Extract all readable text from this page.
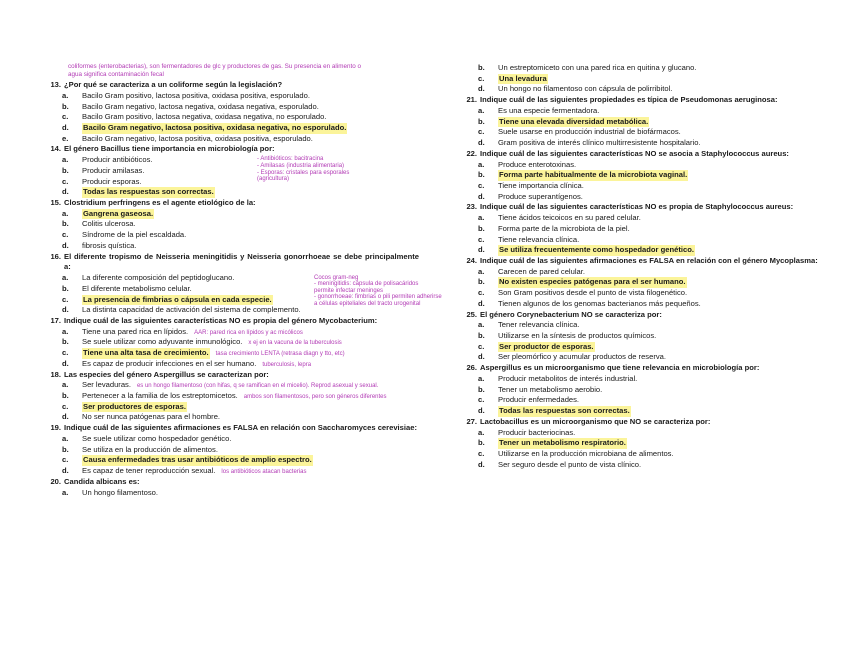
coliformes (enterobacterias), son fermentadores de glc y productores de gas. Su presencia en alimento o agua significa contaminación fecal
13. ¿Por qué se caracteriza a un coliforme según la legislación?
a.	Bacilo Gram positivo, lactosa positiva, oxidasa positiva, esporulado.
b.	Bacilo Gram negativo, lactosa negativa, oxidasa negativa, esporulado.
c.	Bacilo Gram positivo, lactosa negativa, oxidasa negativa, no esporulado.
d.	Bacilo Gram negativo, lactosa positiva, oxidasa negativa, no esporulado.
e.	Bacilo Gram negativo, lactosa positiva, oxidasa positiva, esporulado.
14. El género Bacillus tiene importancia en microbiología por:
a.	Producir antibióticos.
b.	Producir amilasas.
c.	Producir esporas.
d.	Todas las respuestas son correctas.
- Antibióticos: bacitracina
- Amilasas (industria alimentaria)
- Esporas: cristales para esporales
(agricultura)
15. Clostridium perfringens es el agente etiológico de la:
a.	Gangrena gaseosa.
b.	Colitis ulcerosa.
c.	Síndrome de la piel escaldada.
d.	fibrosis quística.
16. El diferente tropismo de Neisseria meningitidis y Neisseria gonorrhoeae se debe principalmente a:
a.	La diferente composición del peptidoglucano.
b.	El diferente metabolismo celular.
c.	La presencia de fimbrias o cápsula en cada especie.
d.	La distinta capacidad de activación del sistema de complemento.
Cocos gram-neg
- meningitidis: cápsula de polisacáridos
permite infectar meninges
- gonorrhoeae: fimbrias o pili permiten adherirse
a células epiteliales del tracto urogenital
17. Indique cuál de las siguientes características NO es propia del género Mycobacterium:
a.	Tiene una pared rica en lípidos. AAR: pared rica en lípidos y ac micólicos
b.	Se suele utilizar como adyuvante inmunológico. x ej en la vacuna de la tuberculosis
c.	Tiene una alta tasa de crecimiento. tasa crecimiento LENTA (retrasa diagn y tto, etc)
d.	Es capaz de producir infecciones en el ser humano. tuberculosis, lepra
18. Las especies del género Aspergillus se caracterizan por:
a.	Ser levaduras. es un hongo filamentoso (con hifas, q se ramifican en el micelio). Reprod asexual y sexual.
b.	Pertenecer a la familia de los estreptomicetos. ambos son filamentosos, pero son géneros diferentes
c.	Ser productores de esporas.
d.	No ser nunca patógenas para el hombre.
19. Indique cuál de las siguientes afirmaciones es FALSA en relación con Saccharomyces cerevisiae:
a.	Se suele utilizar como hospedador genético.
b.	Se utiliza en la producción de alimentos.
c.	Causa enfermedades tras usar antibióticos de amplio espectro.
d.	Es capaz de tener reproducción sexual. los antibióticos atacan bacterias
20. Candida albicans es:
a.	Un hongo filamentoso.
b.	Un estreptomiceto con una pared rica en quitina y glucano.
c.	Una levadura
d.	Un hongo no filamentoso con cápsula de polirribitol.
21. Indique cuál de las siguientes propiedades es típica de Pseudomonas aeruginosa:
a.	Es una especie fermentadora.
b.	Tiene una elevada diversidad metabólica.
c.	Suele usarse en producción industrial de biofármacos.
d.	Gram positiva de interés clínico multirresistente hospitalario.
22. Indique cuál de las siguientes características NO se asocia a Staphylococcus aureus:
a.	Produce enterotoxinas.
b.	Forma parte habitualmente de la microbiota vaginal.
c.	Tiene importancia clínica.
d.	Produce superantígenos.
23. Indique cuál de las siguientes características NO es propia de Staphylococcus aureus:
a.	Tiene ácidos teicoicos en su pared celular.
b.	Forma parte de la microbiota de la piel.
c.	Tiene relevancia clínica.
d.	Se utiliza frecuentemente como hospedador genético.
24. Indique cuál de las siguientes afirmaciones es FALSA en relación con el género Mycoplasma:
a.	Carecen de pared celular.
b.	No existen especies patógenas para el ser humano.
c.	Son Gram positivos desde el punto de vista filogenético.
d.	Tienen algunos de los genomas bacterianos más pequeños.
25. El género Corynebacterium NO se caracteriza por:
a.	Tener relevancia clínica.
b.	Utilizarse en la síntesis de productos químicos.
c.	Ser productor de esporas.
d.	Ser pleomórfico y acumular productos de reserva.
26. Aspergillus es un microorganismo que tiene relevancia en microbiología por:
a.	Producir metabolitos de interés industrial.
b.	Tener un metabolismo aerobio.
c.	Producir enfermedades.
d.	Todas las respuestas son correctas.
27. Lactobacillus es un microorganismo que NO se caracteriza por:
a.	Producir bacteriocinas.
b.	Tener un metabolismo respiratorio.
c.	Utilizarse en la producción microbiana de alimentos.
d.	Ser seguro desde el punto de vista clínico.
